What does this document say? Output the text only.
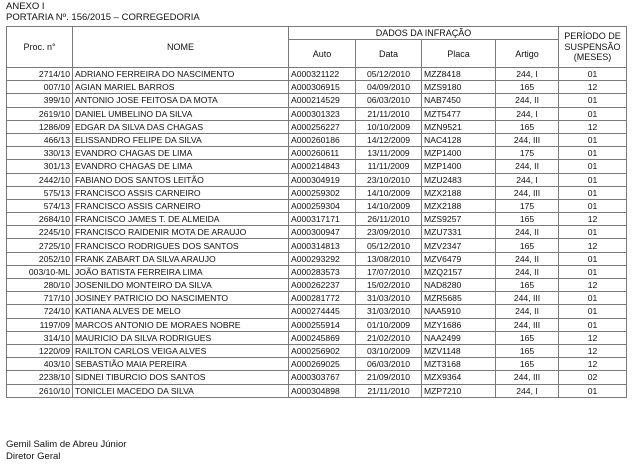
ANEXO I
PORTARIA Nº. 156/2015 – CORREGEDORIA
Proc. n°	NOME	DADOS DA INFRAÇÃO				PERÍODO DE
SUSPENSÃO
(MESES)
		Auto	Data	Placa	Artigo	
2714/10	ADRIANO FERREIRA DO NASCIMENTO	A000321122	05/12/2010	MZZ8418	244, I	01
007/10	AGIAN MARIEL BARROS	A000306915	04/09/2010	MZS9180	165	12
399/10	ANTONIO JOSE FEITOSA DA MOTA	A000214529	06/03/2010	NAB7450	244, II	01
2619/10	DANIEL UMBELINO DA SILVA	A000301323	21/11/2010	MZT5477	244, I	01
1286/09	EDGAR DA SILVA DAS CHAGAS	A000256227	10/10/2009	MZN9521	165	12
466/13	ELISSANDRO FELIPE DA SILVA	A000260186	14/12/2009	NAC4128	244, III	01
330/13	EVANDRO CHAGAS DE LIMA	A000260611	13/11/2009	MZP1400	175	01
301/13	EVANDRO CHAGAS DE LIMA	A000214843	11/11/2009	MZP1400	244, II	01
2442/10	FABIANO DOS SANTOS LEITÃO	A000304919	23/10/2010	MZU2483	244, I	01
575/13	FRANCISCO ASSIS CARNEIRO	A000259302	14/10/2009	MZX2188	244, III	01
574/13	FRANCISCO ASSIS CARNEIRO	A000259304	14/10/2009	MZX2188	175	01
2684/10	FRANCISCO JAMES T. DE ALMEIDA	A000317171	26/11/2010	MZS9257	165	12
2245/10	FRANCISCO RAIDENIR MOTA DE ARAUJO	A000300947	23/09/2010	MZU7331	244, II	01
2725/10	FRANCISCO RODRIGUES DOS SANTOS	A000314813	05/12/2010	MZV2347	165	12
2052/10	FRANK ZABART DA SILVA ARAUJO	A000293292	13/08/2010	MZV6479	244, II	01
003/10-ML	JOÃO BATISTA FERREIRA LIMA	A000283573	17/07/2010	MZQ2157	244, II	01
280/10	JOSENILDO MONTEIRO DA SILVA	A000262237	15/02/2010	NAD8280	165	12
717/10	JOSINEY PATRICIO DO NASCIMENTO	A000281772	31/03/2010	MZR5685	244, III	01
724/10	KATIANA ALVES DE MELO	A000274445	31/03/2010	NAA5910	244, II	01
1197/09	MARCOS ANTONIO DE MORAES NOBRE	A000255914	01/10/2009	MZY1686	244, III	01
314/10	MAURICIO DA SILVA RODRIGUES	A000245869	21/02/2010	NAA2499	165	12
1220/09	RAILTON CARLOS VEIGA ALVES	A000256902	03/10/2009	MZV1148	165	12
403/10	SEBASTIÃO MAIA PEREIRA	A000269025	06/03/2010	MZT3168	165	12
2238/10	SIDNEI TIBURCIO DOS SANTOS	A000303767	21/09/2010	MZX9364	244, III	02
2610/10	TONICLEI MACEDO DA SILVA	A000304898	21/11/2010	MZP7210	244, I	01
Gemil Salim de Abreu Júnior
Diretor Geral
